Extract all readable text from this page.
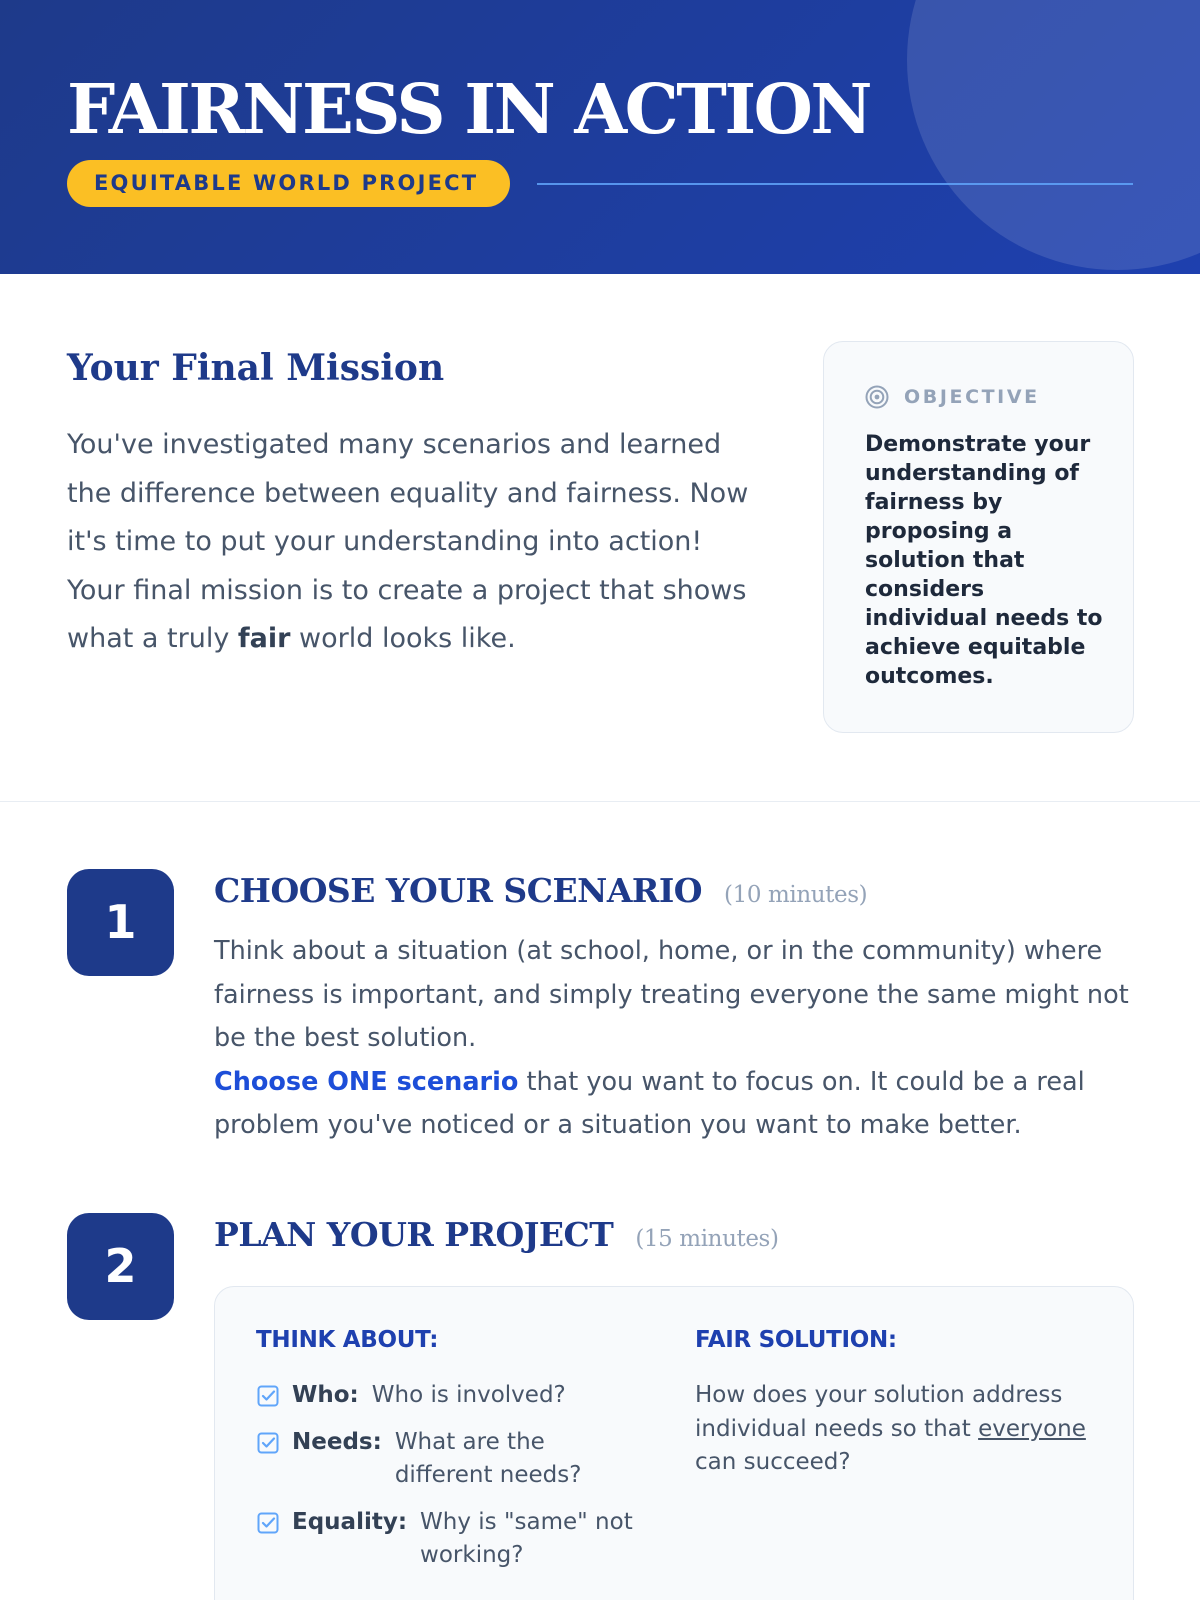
FAIRNESS IN ACTION
EQUITABLE WORLD PROJECT
Your Final Mission

You've investigated many scenarios and learned the difference between equality and fairness. Now it's time to put your understanding into action! Your final mission is to create a project that shows what a truly fair world looks like.

OBJECTIVE

Demonstrate your understanding of fairness by proposing a solution that considers individual needs to achieve equitable outcomes.

1
CHOOSE YOUR SCENARIO (10 minutes)

Think about a situation (at school, home, or in the community) where fairness is important, and simply treating everyone the same might not be the best solution.

Choose ONE scenario that you want to focus on. It could be a real problem you've noticed or a situation you want to make better.

2
PLAN YOUR PROJECT (15 minutes)
THINK ABOUT:
Who: Who is involved?
Needs: What are the different needs?
Equality: Why is "same" not working?
FAIR SOLUTION:

How does your solution address individual needs so that everyone can succeed?
